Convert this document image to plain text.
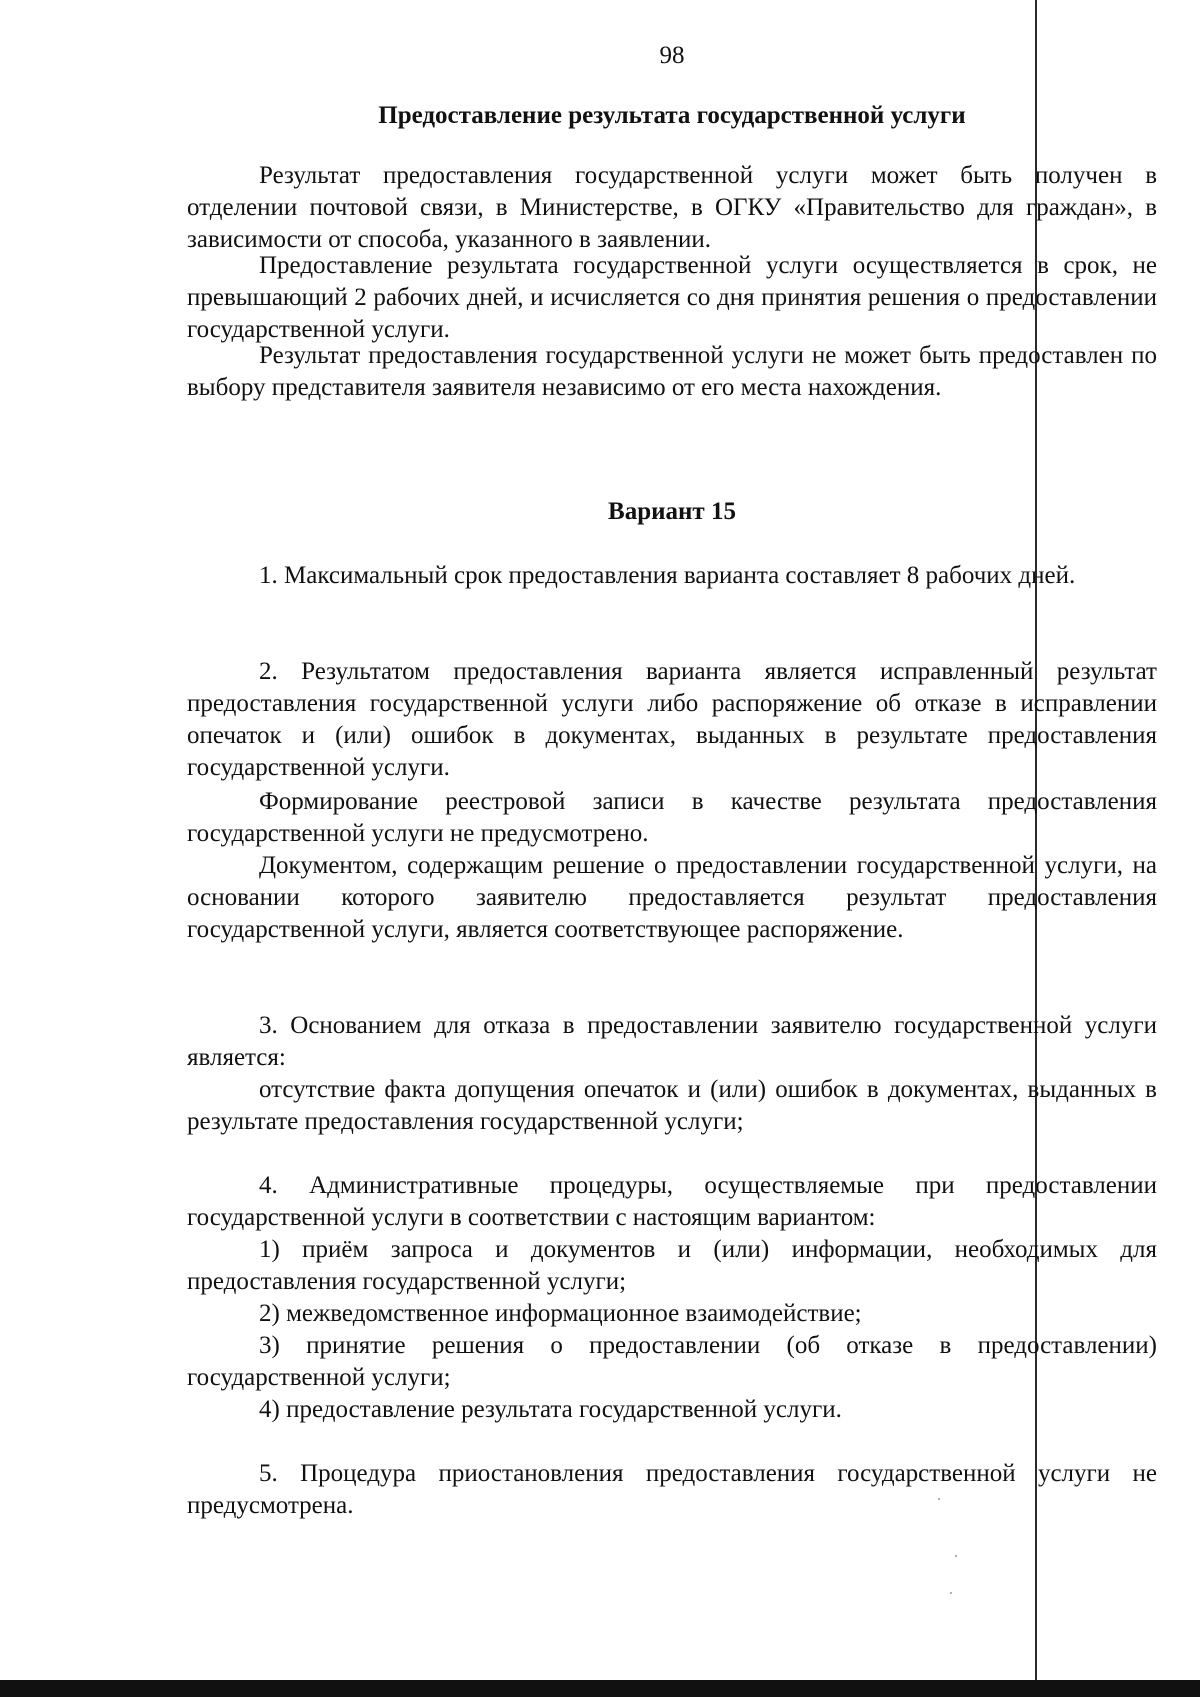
98
Предоставление результата государственной услуги

Результат предоставления государственной услуги может быть получен в отделении почтовой связи, в Министерстве, в ОГКУ «Правительство для граждан», в зависимости от способа, указанного в заявлении.

Предоставление результата государственной услуги осуществляется в срок, не превышающий 2 рабочих дней, и исчисляется со дня принятия решения о предоставлении государственной услуги.

Результат предоставления государственной услуги не может быть предоставлен по выбору представителя заявителя независимо от его места нахождения.

Вариант 15

1. Максимальный срок предоставления варианта составляет 8 рабочих дней.

2. Результатом предоставления варианта является исправленный результат предоставления государственной услуги либо распоряжение об отказе в исправлении опечаток и (или) ошибок в документах, выданных в результате предоставления государственной услуги.

Формирование реестровой записи в качестве результата предоставления государственной услуги не предусмотрено.

Документом, содержащим решение о предоставлении государственной услуги, на основании которого заявителю предоставляется результат предоставления государственной услуги, является соответствующее распоряжение.

3. Основанием для отказа в предоставлении заявителю государственной услуги является:

отсутствие факта допущения опечаток и (или) ошибок в документах, выданных в результате предоставления государственной услуги;

4. Административные процедуры, осуществляемые при предоставлении государственной услуги в соответствии с настоящим вариантом:

1) приём запроса и документов и (или) информации, необходимых для предоставления государственной услуги;

2) межведомственное информационное взаимодействие;

3) принятие решения о предоставлении (об отказе в предоставлении) государственной услуги;

4) предоставление результата государственной услуги.

5. Процедура приостановления предоставления государственной услуги не предусмотрена.
